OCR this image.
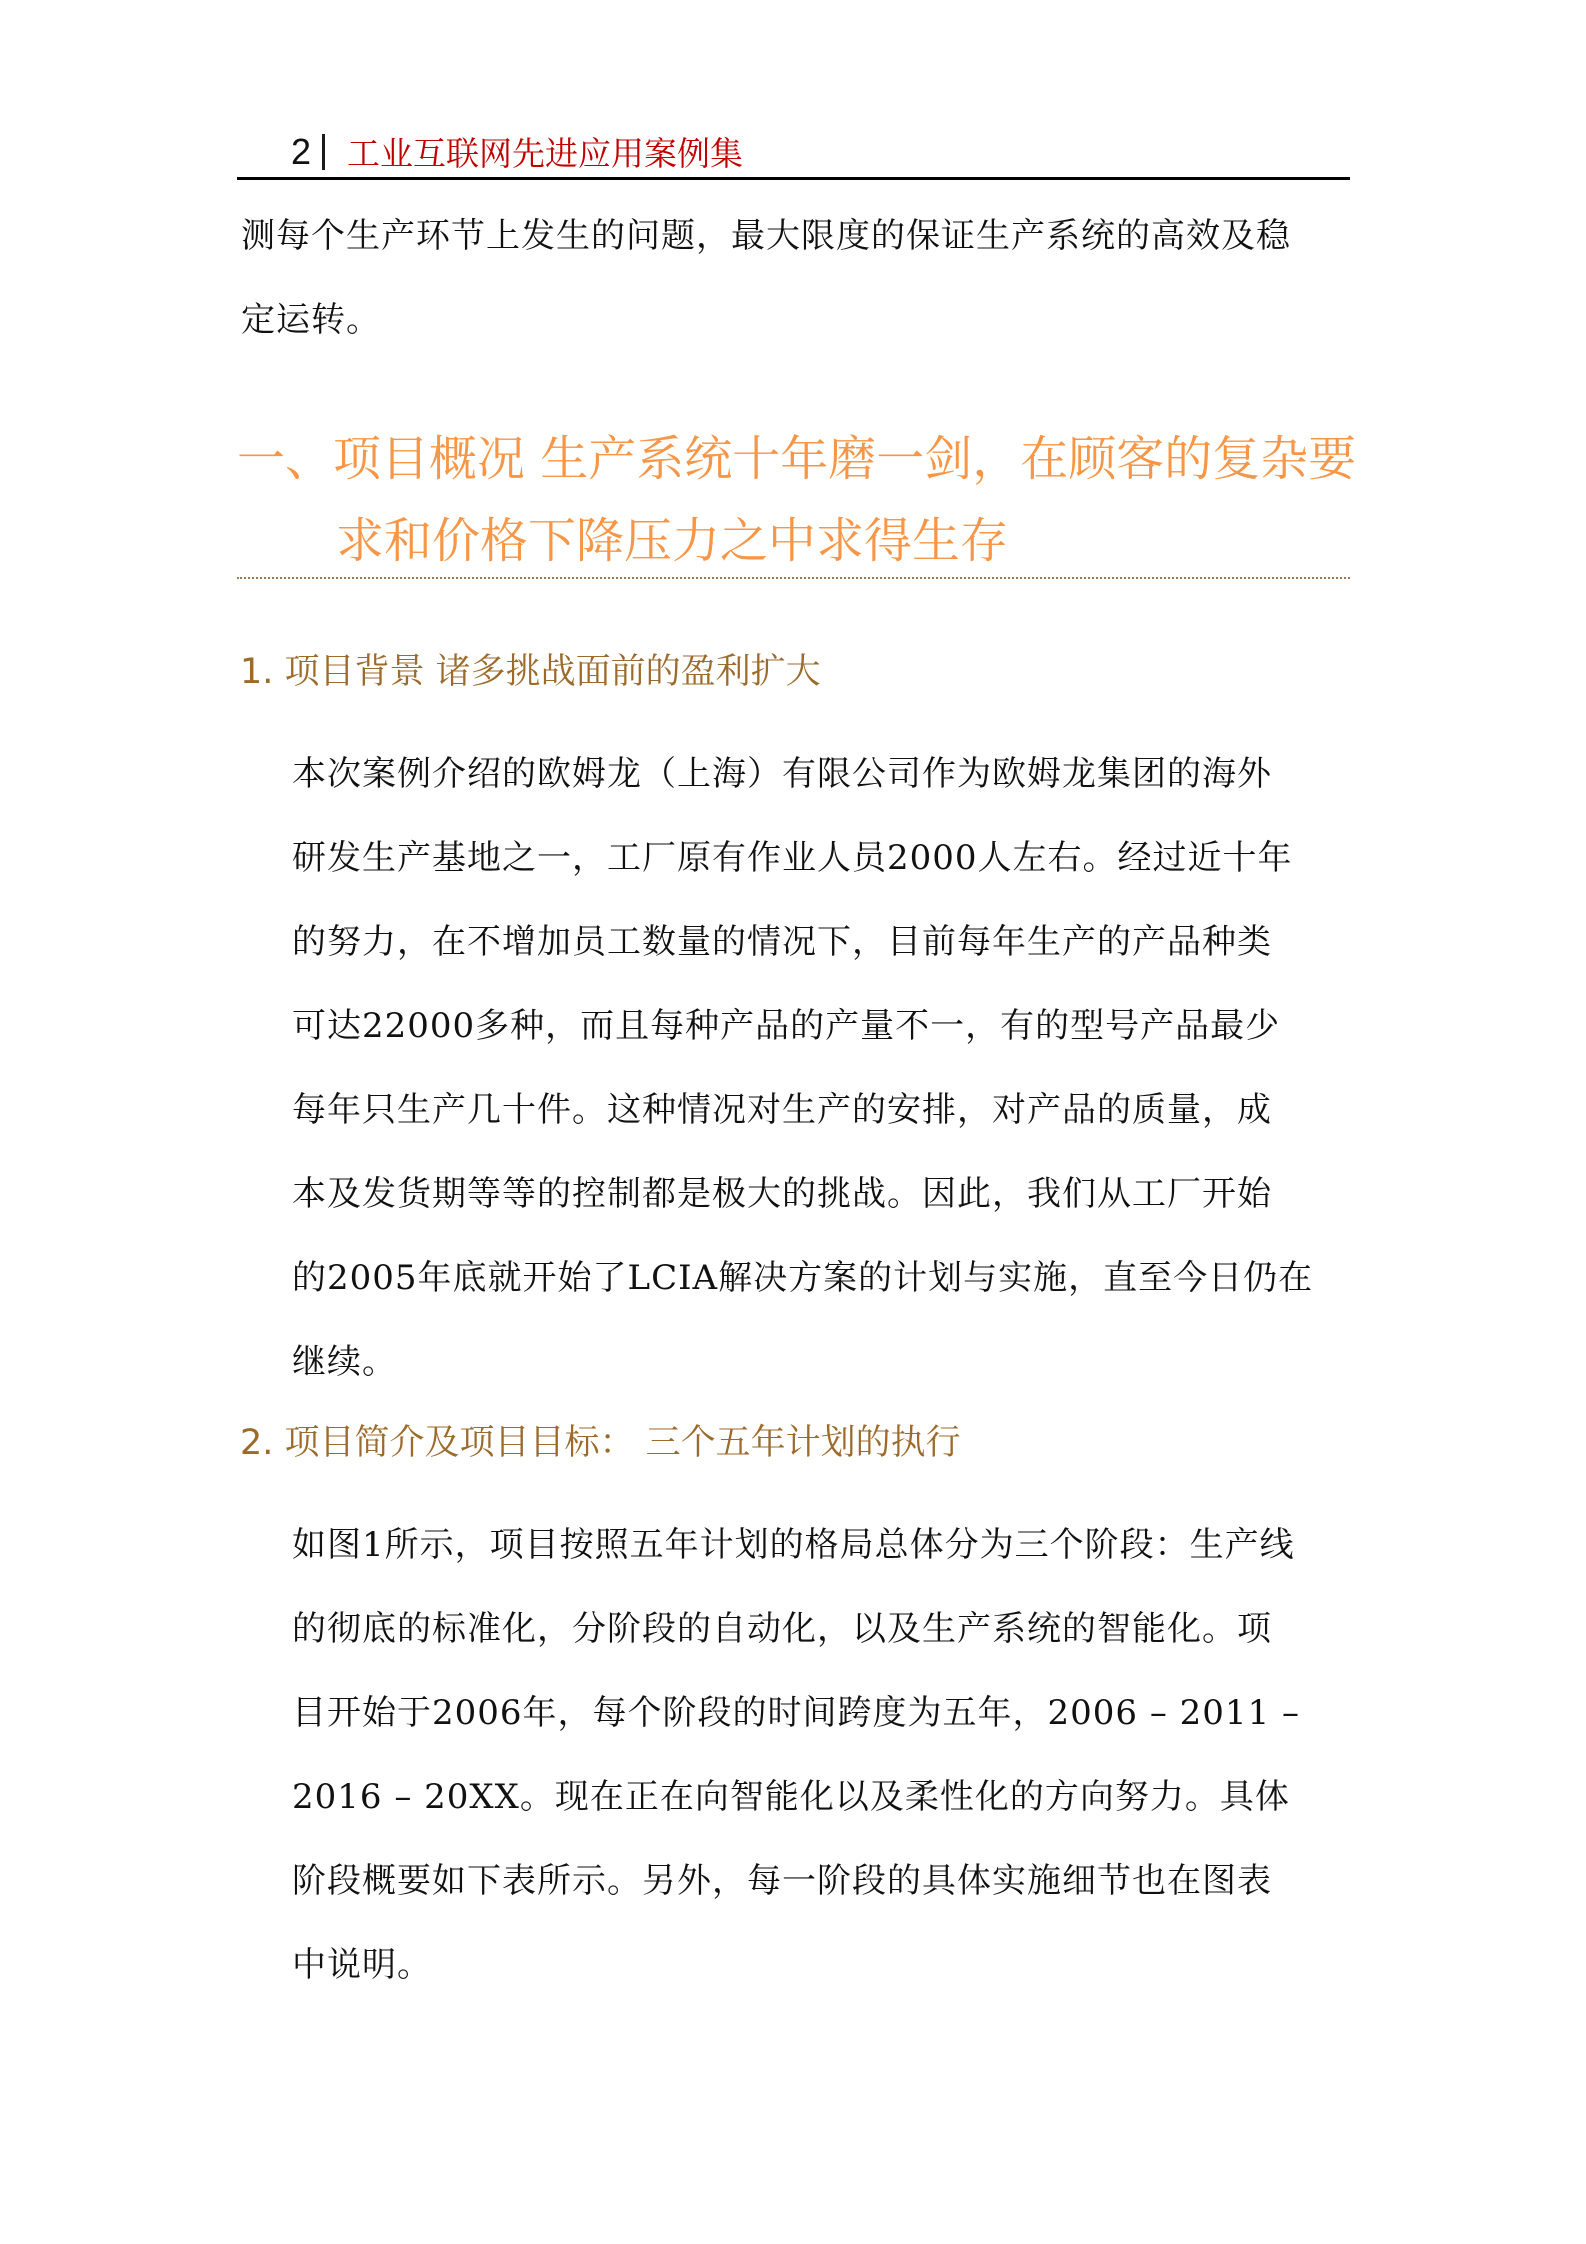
2 工业互联网先进应用案例集
测每个生产环节上发生的问题，最大限度的保证生产系统的高效及稳
定运转。
一、项目概况 生产系统十年磨一剑，在顾客的复杂要
求和价格下降压力之中求得生存
1. 项目背景 诸多挑战面前的盈利扩大
本次案例介绍的欧姆龙（上海）有限公司作为欧姆龙集团的海外
研发生产基地之一，工厂原有作业人员2000人左右。经过近十年
的努力，在不增加员工数量的情况下，目前每年生产的产品种类
可达22000多种，而且每种产品的产量不一，有的型号产品最少
每年只生产几十件。这种情况对生产的安排，对产品的质量，成
本及发货期等等的控制都是极大的挑战。因此，我们从工厂开始
的2005年底就开始了LCIA解决方案的计划与实施，直至今日仍在
继续。
2. 项目简介及项目目标： 三个五年计划的执行
如图1所示，项目按照五年计划的格局总体分为三个阶段：生产线
的彻底的标准化，分阶段的自动化，以及生产系统的智能化。项
目开始于2006年，每个阶段的时间跨度为五年，2006 – 2011 –
2016 – 20XX。现在正在向智能化以及柔性化的方向努力。具体
阶段概要如下表所示。另外，每一阶段的具体实施细节也在图表
中说明。
